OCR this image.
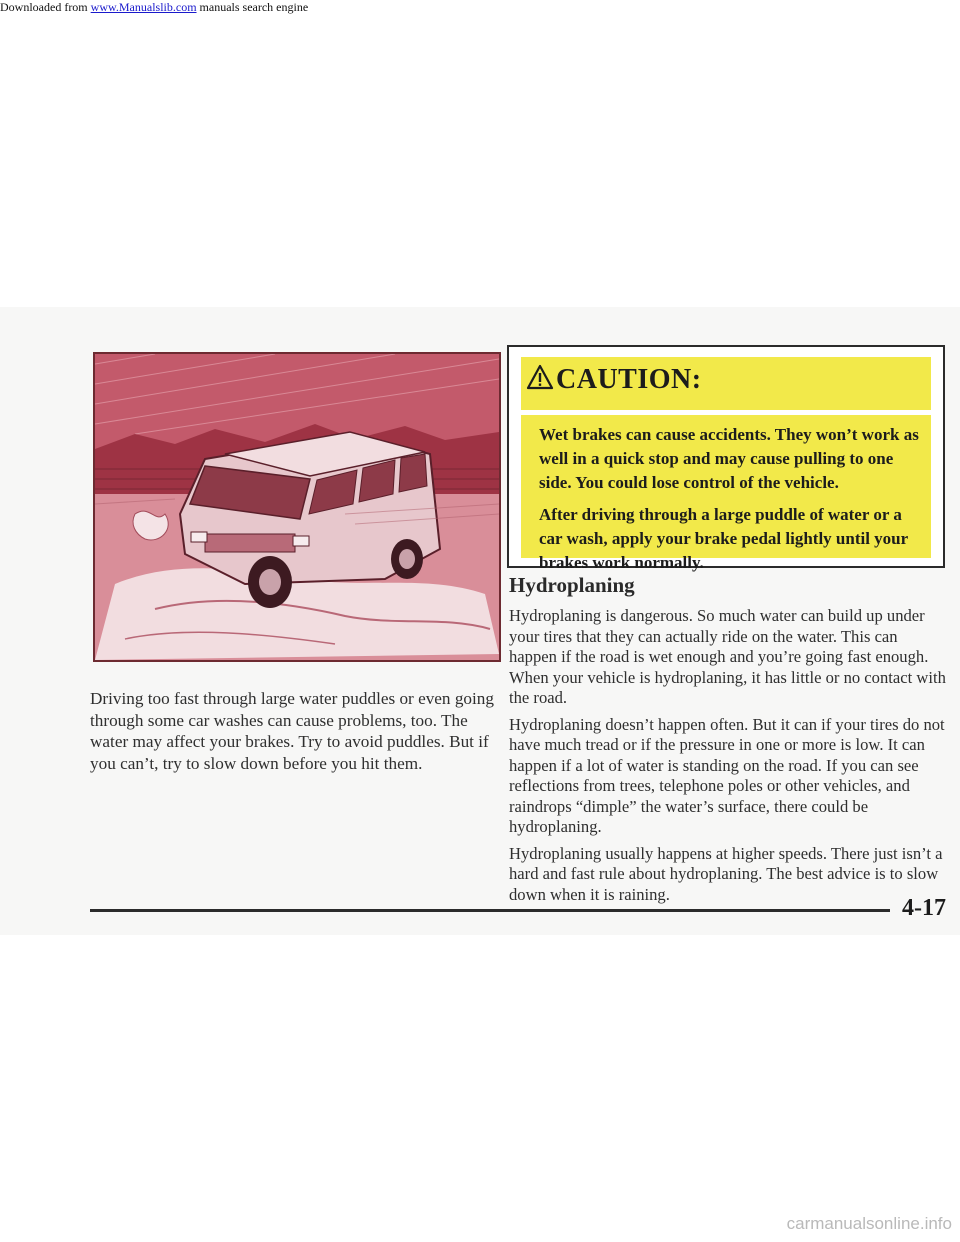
Downloaded from www.Manualslib.com manuals search engine
Driving too fast through large water puddles or even going through some car washes can cause problems, too. The water may affect your brakes. Try to avoid puddles. But if you can’t, try to slow down before you hit them.
CAUTION:

Wet brakes can cause accidents. They won’t work as well in a quick stop and may cause pulling to one side. You could lose control of the vehicle.

After driving through a large puddle of water or a car wash, apply your brake pedal lightly until your brakes work normally.

Hydroplaning

Hydroplaning is dangerous. So much water can build up under your tires that they can actually ride on the water. This can happen if the road is wet enough and you’re going fast enough. When your vehicle is hydroplaning, it has little or no contact with the road.

Hydroplaning doesn’t happen often. But it can if your tires do not have much tread or if the pressure in one or more is low. It can happen if a lot of water is standing on the road. If you can see reflections from trees, telephone poles or other vehicles, and raindrops “dimple” the water’s surface, there could be hydroplaning.

Hydroplaning usually happens at higher speeds. There just isn’t a hard and fast rule about hydroplaning. The best advice is to slow down when it is raining.

4-17
carmanualsonline.info
